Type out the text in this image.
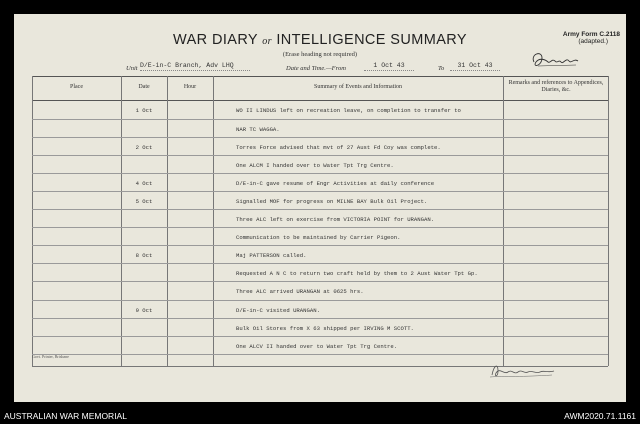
WAR DIARY or INTELLIGENCE SUMMARY
(Erase heading not required)
Army Form C.2118
(adapted.)
Unit D/E-in-C Branch, Adv LHQ	Date and Time.—From	1 Oct 43	To	31 Oct 43
Place	Date	Hour	Summary of Events and Information
Remarks and references to Appendices, Diaries, &c.
1 Oct	WO II LINDUS left on recreation leave, on completion to transfer to
NAR TC WAGGA.
2 Oct	Torres Force advised that mvt of 27 Aust Fd Coy was complete.
One ALCM I handed over to Water Tpt Trg Centre.
4 Oct	D/E-in-C gave resume of Engr Activities at daily conference
5 Oct	Signalled MOF for progress on MILNE BAY Bulk Oil Project.
Three ALC left on exercise from VICTORIA POINT for URANGAN.
Communication to be maintained by Carrier Pigeon.
8 Oct	Maj PATTERSON called.
Requested A N C to return two craft held by them to 2 Aust Water Tpt Gp.
Three ALC arrived URANGAN at 0625 hrs.
9 Oct	D/E-in-C visited URANGAN.
Bulk Oil Stores from X 63 shipped per IRVING M SCOTT.
One ALCV II handed over to Water Tpt Trg Centre.
Govt. Printer, Brisbane
AUSTRALIAN WAR MEMORIAL	AWM2020.71.1161
